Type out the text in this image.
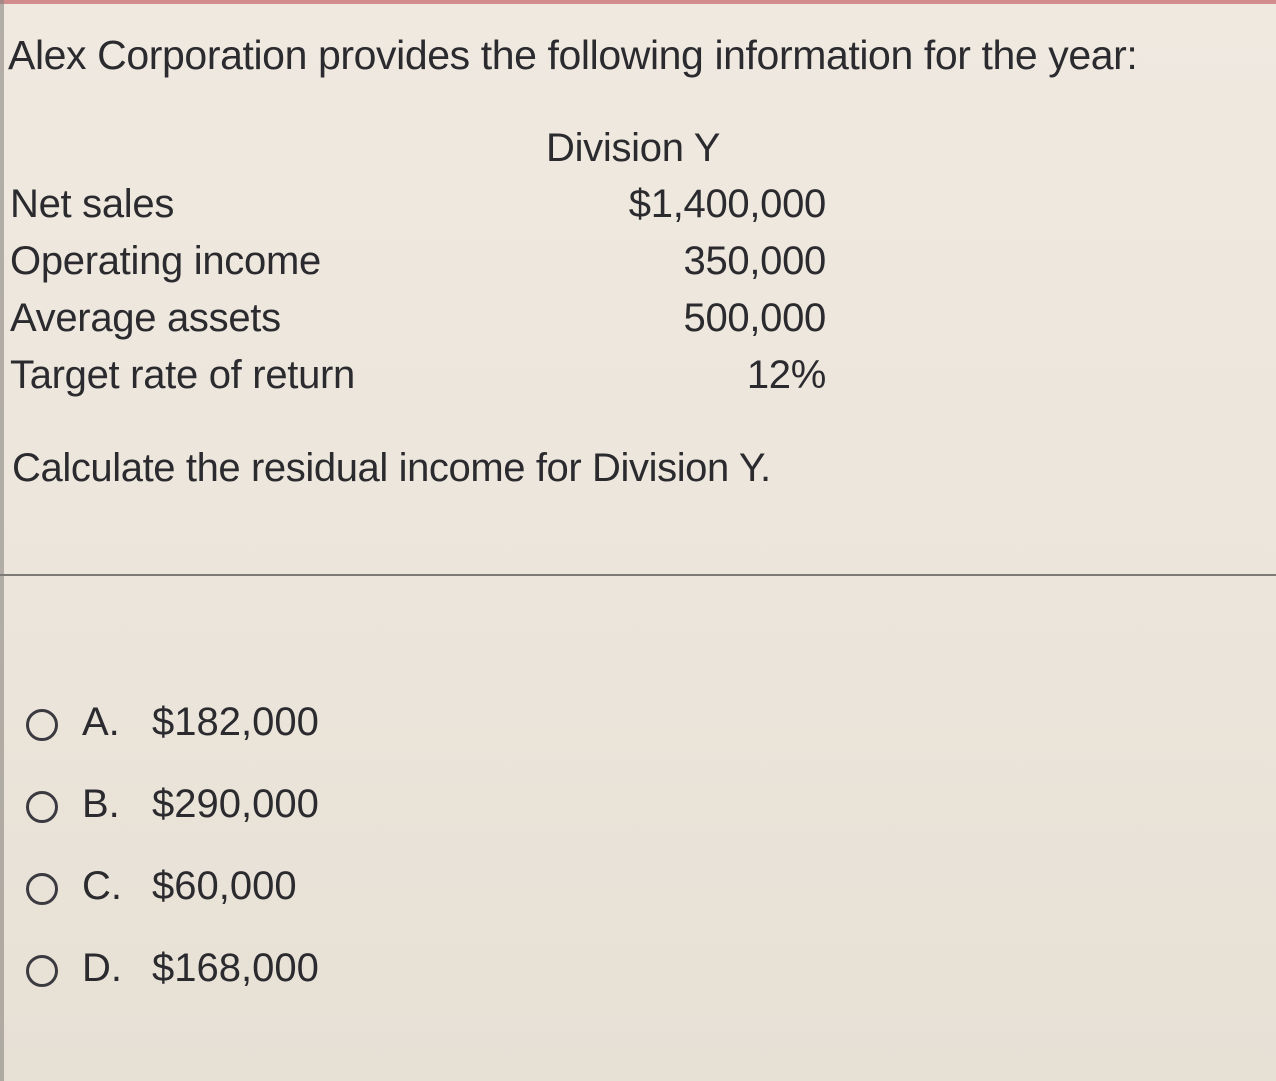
Alex Corporation provides the following information for the year:
Division Y
Net sales	$1,400,000
Operating income	350,000
Average assets	500,000
Target rate of return	12%
Calculate the residual income for Division Y.
A. $182,000
B. $290,000
C. $60,000
D. $168,000
